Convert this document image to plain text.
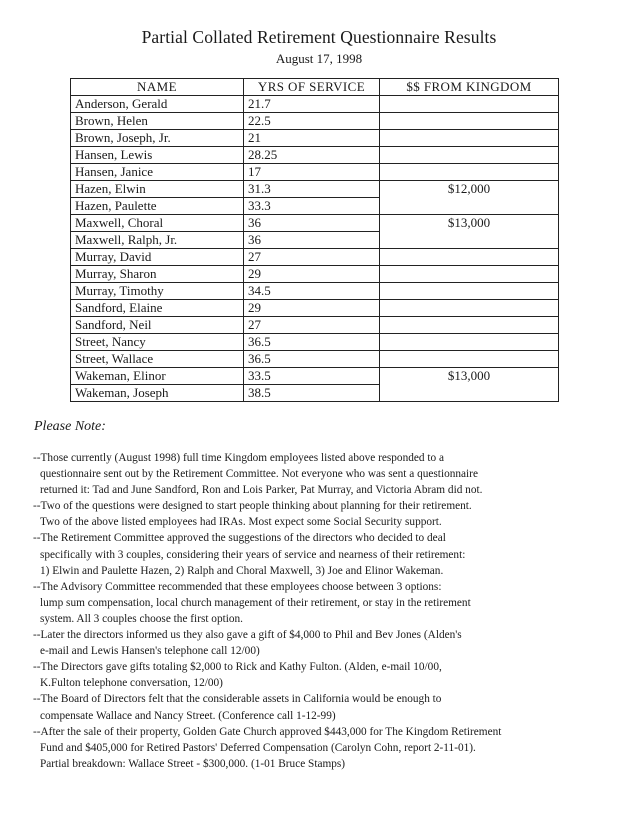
Partial Collated Retirement Questionnaire Results
August 17, 1998
NAME	YRS OF SERVICE	$$ FROM KINGDOM
Anderson, Gerald	21.7	
Brown, Helen	22.5	
Brown, Joseph, Jr.	21	
Hansen, Lewis	28.25	
Hansen, Janice	17	
Hazen, Elwin	31.3	$12,000
Hazen, Paulette	33.3	
Maxwell, Choral	36	$13,000
Maxwell, Ralph, Jr.	36	
Murray, David	27	
Murray, Sharon	29	
Murray, Timothy	34.5	
Sandford, Elaine	29	
Sandford, Neil	27	
Street, Nancy	36.5	
Street, Wallace	36.5	
Wakeman, Elinor	33.5	$13,000
Wakeman, Joseph	38.5	
Please Note:

--Those currently (August 1998) full time Kingdom employees listed above responded to a

questionnaire sent out by the Retirement Committee. Not everyone who was sent a questionnaire

returned it: Tad and June Sandford, Ron and Lois Parker, Pat Murray, and Victoria Abram did not.

--Two of the questions were designed to start people thinking about planning for their retirement.

Two of the above listed employees had IRAs. Most expect some Social Security support.

--The Retirement Committee approved the suggestions of the directors who decided to deal

specifically with 3 couples, considering their years of service and nearness of their retirement:

1) Elwin and Paulette Hazen, 2) Ralph and Choral Maxwell, 3) Joe and Elinor Wakeman.

--The Advisory Committee recommended that these employees choose between 3 options:

lump sum compensation, local church management of their retirement, or stay in the retirement

system. All 3 couples choose the first option.

--Later the directors informed us they also gave a gift of $4,000 to Phil and Bev Jones (Alden's

e-mail and Lewis Hansen's telephone call 12/00)

--The Directors gave gifts totaling $2,000 to Rick and Kathy Fulton. (Alden, e-mail 10/00,

K.Fulton telephone conversation, 12/00)

--The Board of Directors felt that the considerable assets in California would be enough to

compensate Wallace and Nancy Street. (Conference call 1-12-99)

--After the sale of their property, Golden Gate Church approved $443,000 for The Kingdom Retirement

Fund and $405,000 for Retired Pastors' Deferred Compensation (Carolyn Cohn, report 2-11-01).

Partial breakdown: Wallace Street - $300,000. (1-01 Bruce Stamps)
